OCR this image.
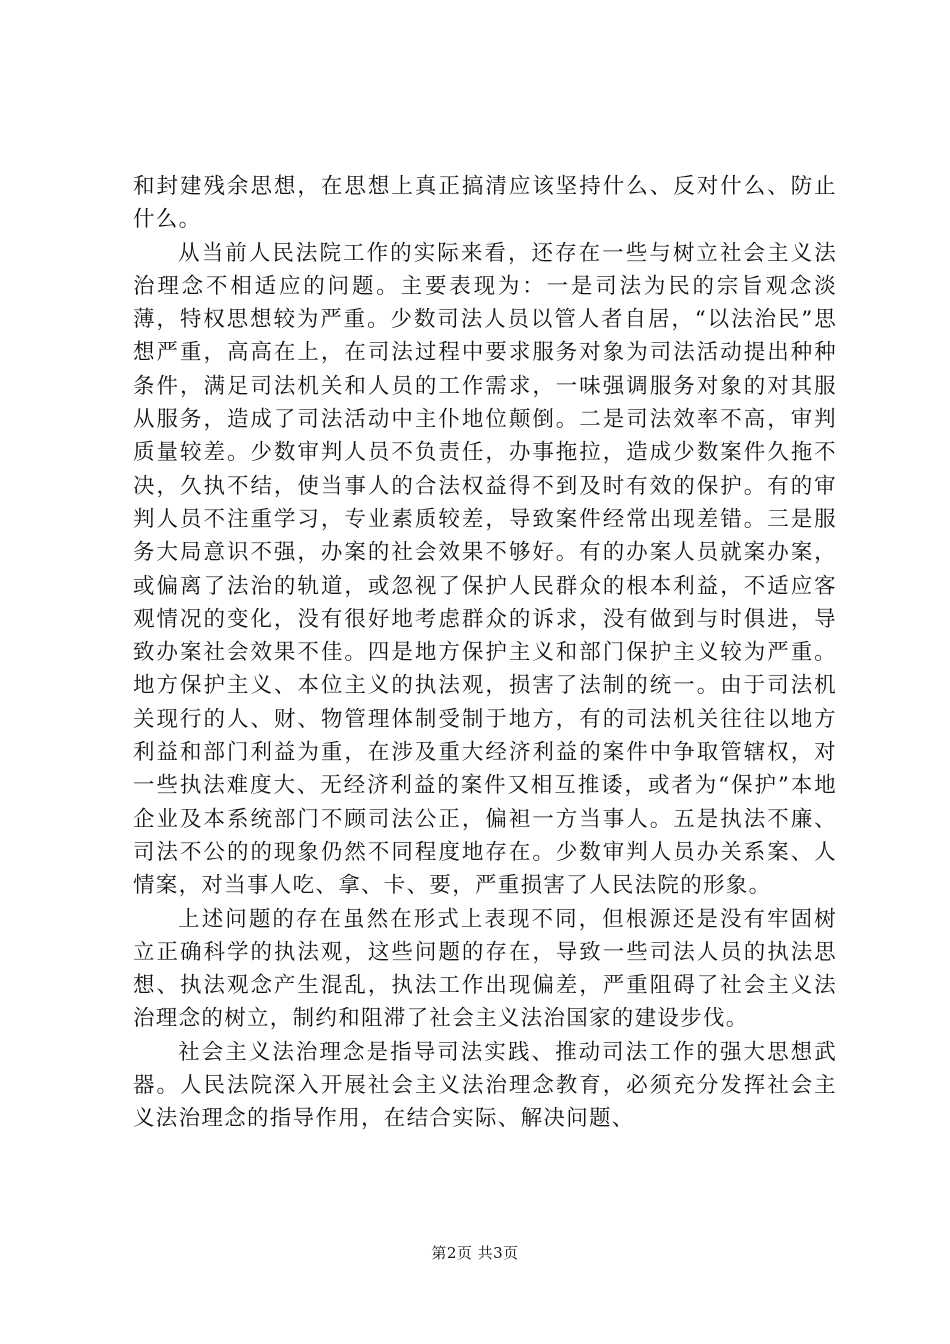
和封建残余思想，在思想上真正搞清应该坚持什么、反对什么、防止什么。

从当前人民法院工作的实际来看，还存在一些与树立社会主义法治理念不相适应的问题。主要表现为：一是司法为民的宗旨观念淡薄，特权思想较为严重。少数司法人员以管人者自居，“以法治民”思想严重，高高在上，在司法过程中要求服务对象为司法活动提出种种条件，满足司法机关和人员的工作需求，一味强调服务对象的对其服从服务，造成了司法活动中主仆地位颠倒。二是司法效率不高，审判质量较差。少数审判人员不负责任，办事拖拉，造成少数案件久拖不决，久执不结，使当事人的合法权益得不到及时有效的保护。有的审判人员不注重学习，专业素质较差，导致案件经常出现差错。三是服务大局意识不强，办案的社会效果不够好。有的办案人员就案办案，或偏离了法治的轨道，或忽视了保护人民群众的根本利益，不适应客观情况的变化，没有很好地考虑群众的诉求，没有做到与时俱进，导致办案社会效果不佳。四是地方保护主义和部门保护主义较为严重。地方保护主义、本位主义的执法观，损害了法制的统一。由于司法机关现行的人、财、物管理体制受制于地方，有的司法机关往往以地方利益和部门利益为重，在涉及重大经济利益的案件中争取管辖权，对一些执法难度大、无经济利益的案件又相互推诿，或者为“保护”本地企业及本系统部门不顾司法公正，偏袒一方当事人。五是执法不廉、司法不公的的现象仍然不同程度地存在。少数审判人员办关系案、人情案，对当事人吃、拿、卡、要，严重损害了人民法院的形象。

上述问题的存在虽然在形式上表现不同，但根源还是没有牢固树立正确科学的执法观，这些问题的存在，导致一些司法人员的执法思想、执法观念产生混乱，执法工作出现偏差，严重阻碍了社会主义法治理念的树立，制约和阻滞了社会主义法治国家的建设步伐。

社会主义法治理念是指导司法实践、推动司法工作的强大思想武器。人民法院深入开展社会主义法治理念教育，必须充分发挥社会主义法治理念的指导作用，在结合实际、解决问题、

第2页 共3页
